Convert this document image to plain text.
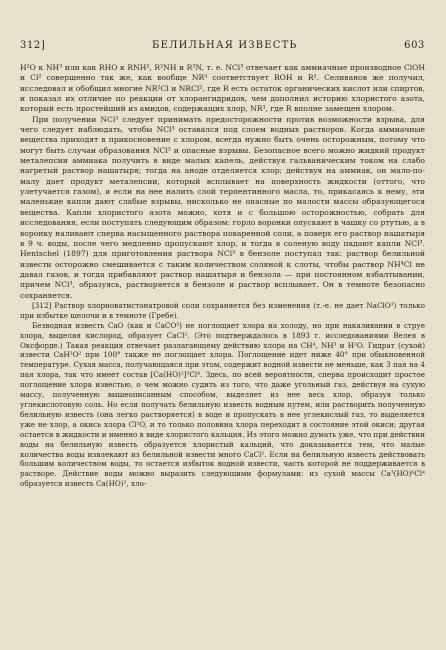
312]	БЕЛИЛЬНАЯ ИЗВЕСТЬ	603

H²O к NH³ или как RHO к RNH², R²NH и R³N, т. е. NCl³ отвечает как аммиачные производное ClOH и Cl² совершенно так же, как вообще NR³ соответствует ROH и R². Селиванов же получил, исследовал и обобщил многие NR²Cl и NRCl², где R есть остаток органических кислот или спиртов, и показал их отличие по реакции от хлорангидридов, чем дополнил историю хлористого азота, который есть простейший из амидов, содержащих хлор, NR³, где R вполне замещен хлором.

При получении NCl³ следует принимать предосторожности против возможности взрыва, для чего следует наблюдать, чтобы NCl³ оставался под слоем водных растворов. Когда аммиачные вещества приходят в прикосновение с хлором, всегда нужно быть очень осторожным, потому что могут быть случаи образования NCl³ и опасные взрывы. Безопасное всего можно жидкий продукт металепсии аммиака получить в виде малых капель, действуя гальваническим током на слабо нагретый раствор нашатыря; тогда на аноде отделяется хлор; действуя на аммиак, он мало-по-малу дает продукт металепсии, который всплывает на поверхность жидкости (оттого, что улетучается газом), и если на нее налить слой терпентинного масла, то, прикасаясь к нему, эти маленькие капли дают слабые взрывы, нисколько не опасные по малости массы образующегося вещества. Капли хлористого азота можно, хотя и с большою осторожностью, собрать для исследования, если поступать следующим образом: горло воронки опускают в чашку со ртутью, а в воронку наливают сперва насыщенного раствора поваренной соли, а поверх его раствор нашатыря в 9 ч. воды, после чего медленно пропускают хлор, и тогда в соленую воду падают капли NCl³. Hentschel (1897) для приготовления раствора NCl³ в бензоле поступал так: раствор белильной извести осторожно смешивается с таким количеством соляной к слоты, чтобы раствор NH⁴Cl не давал газов, и тогда прибавляют раствор нашатыря и бензола — при постоянном взбалтывании, причем NCl³, образуясь, растворяется в бензоле и раствор всплывает. Он в темноте безопасно сохраняется.

[312] Раствор хлорноватистонатровой соли сохраняется без изменения (т.-е. не дает NaClO³) только при избытке щелочи и в темноте (Гребе).

Безводная известь CaO (как и CaCO³) не поглощает хлора на холоду, но при накаливании в струе хлора, выделяя кислород, образует CaCl². (Это подтверждалось в 1893 г. исследованиями Велея в Оксфорде.) Такая реакция отвечает разлагающему действию хлора на CH⁴, NH³ и H²O. Гидрат (сухой) извести CaH²O² при 100° также не поглощает хлора. Поглощение идет ниже 40° при обыкновенной температуре. Сухая масса, получающаяся при этом, содержит водной извести не меньше, как 3 пая на 4 пая хлора, так что имеет состав [Ca(HO)²]³Cl⁴. Здесь, по всей вероятности, сперва происходит простое поглощение хлора известью, о чем можно судить из того, что даже угольный газ, действуя на сухую массу, полученную вышеописанным способом, выделяет из нее весь хлор, образуя только углекислотовую соль. Но если получать белильную известь водным путем, или растворить полученную белильную известь (она легко растворяется) в воде и пропускать в нее углекислый газ, то выделяется уже не хлор, а окись хлора Cl²O, и то только половина хлора переходит в состояние этой окиси; другая остается в жидкости и именно в виде хлористого кальция. Из этого можно думать уже, что при действии воды на белильную известь образуется хлористый кальций, что доказывается тем, что малые количества воды извлекают из белильной извести много CaCl². Если на белильную известь действовать большим количеством воды, то остается избыток водной извести, часть которой не поддерживается в растворе. Действие воды можно выразить следующими формулами: из сухой массы Ca³(HO)⁶Cl⁴ образуется известь Ca(HO)², хло-
